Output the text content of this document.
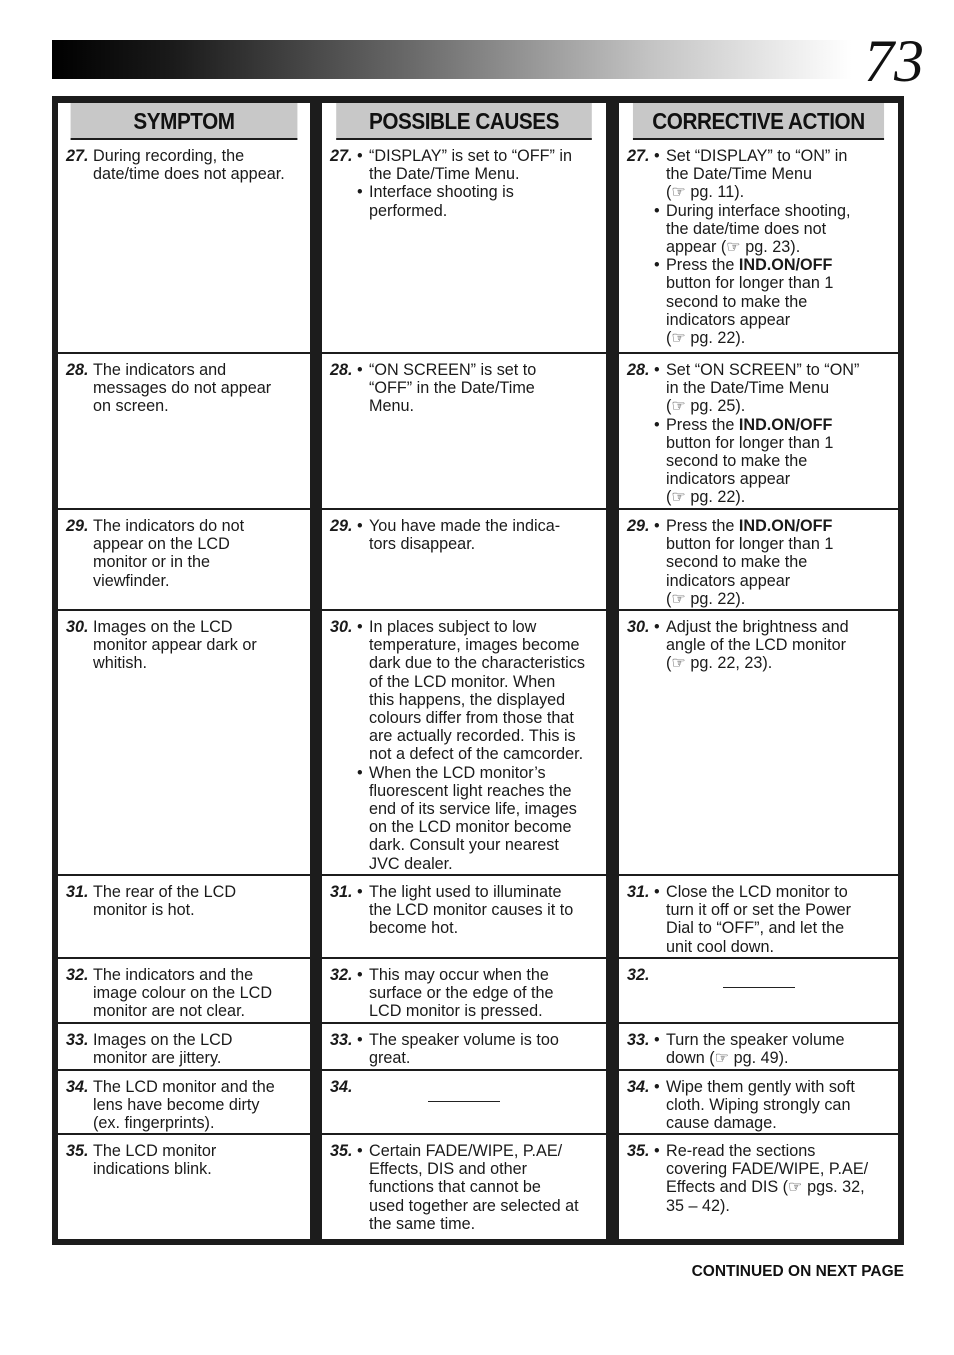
73
SYMPTOM
27. During recording, the
date/time does not appear.
28. The indicators and
messages do not appear
on screen.
29. The indicators do not
appear on the LCD
monitor or in the
viewfinder.
30. Images on the LCD
monitor appear dark or
whitish.
31. The rear of the LCD
monitor is hot.
32. The indicators and the
image colour on the LCD
monitor are not clear.
33. Images on the LCD
monitor are jittery.
34. The LCD monitor and the
lens have become dirty
(ex. fingerprints).
35. The LCD monitor
indications blink.
POSSIBLE CAUSES
27. • “DISPLAY” is set to “OFF” in
the Date/Time Menu.
• Interface shooting is
performed.
28. • “ON SCREEN” is set to
“OFF” in the Date/Time
Menu.
29. • You have made the indica-
tors disappear.
30. • In places subject to low
temperature, images become
dark due to the characteristics
of the LCD monitor. When
this happens, the displayed
colours differ from those that
are actually recorded. This is
not a defect of the camcorder.
• When the LCD monitor’s
fluorescent light reaches the
end of its service life, images
on the LCD monitor become
dark. Consult your nearest
JVC dealer.
31. • The light used to illuminate
the LCD monitor causes it to
become hot.
32. • This may occur when the
surface or the edge of the
LCD monitor is pressed.
33. • The speaker volume is too
great.
34.
35. • Certain FADE/WIPE, P.AE/
Effects, DIS and other
functions that cannot be
used together are selected at
the same time.
CORRECTIVE ACTION
27. • Set “DISPLAY” to “ON” in
the Date/Time Menu
(☞ pg. 11).
• During interface shooting,
the date/time does not
appear (☞ pg. 23).
• Press the IND.ON/OFF
button for longer than 1
second to make the
indicators appear
(☞ pg. 22).
28. • Set “ON SCREEN” to “ON”
in the Date/Time Menu
(☞ pg. 25).
• Press the IND.ON/OFF
button for longer than 1
second to make the
indicators appear
(☞ pg. 22).
29. • Press the IND.ON/OFF
button for longer than 1
second to make the
indicators appear
(☞ pg. 22).
30. • Adjust the brightness and
angle of the LCD monitor
(☞ pg. 22, 23).
31. • Close the LCD monitor to
turn it off or set the Power
Dial to “OFF”, and let the
unit cool down.
32.
33. • Turn the speaker volume
down (☞ pg. 49).
34. • Wipe them gently with soft
cloth. Wiping strongly can
cause damage.
35. • Re-read the sections
covering FADE/WIPE, P.AE/
Effects and DIS (☞ pgs. 32,
35 – 42).
CONTINUED ON NEXT PAGE
